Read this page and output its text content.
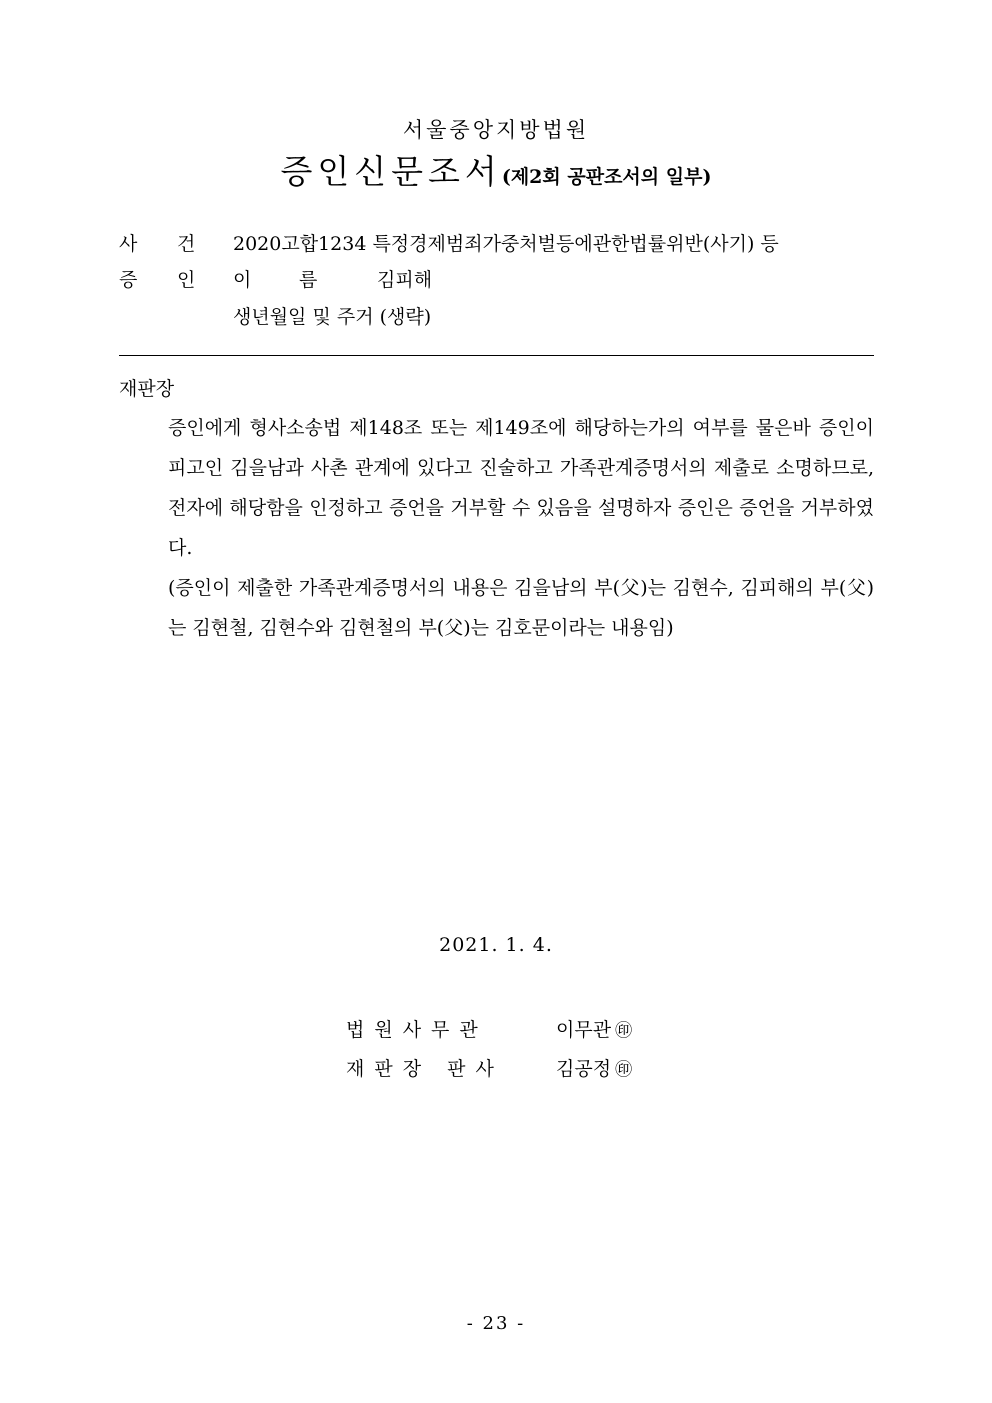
서울중앙지방법원
증인신문조서(제2회 공판조서의 일부)
사 건 2020고합1234 특정경제범죄가중처벌등에관한법률위반(사기) 등
증 인 이	름	김피해
생년월일 및 주거 (생략)
재판장

증인에게 형사소송법 제148조 또는 제149조에 해당하는가의 여부를 물은바 증인이 피고인 김을남과 사촌 관계에 있다고 진술하고 가족관계증명서의 제출로 소명하므로, 전자에 해당함을 인정하고 증언을 거부할 수 있음을 설명하자 증인은 증언을 거부하였다.

(증인이 제출한 가족관계증명서의 내용은 김을남의 부(父)는 김현수, 김피해의 부(父)는 김현철, 김현수와 김현철의 부(父)는 김호문이라는 내용임)

2021. 1. 4.
법원사무관	이무관 ㊞
재판장 판사	김공정 ㊞
- 23 -
